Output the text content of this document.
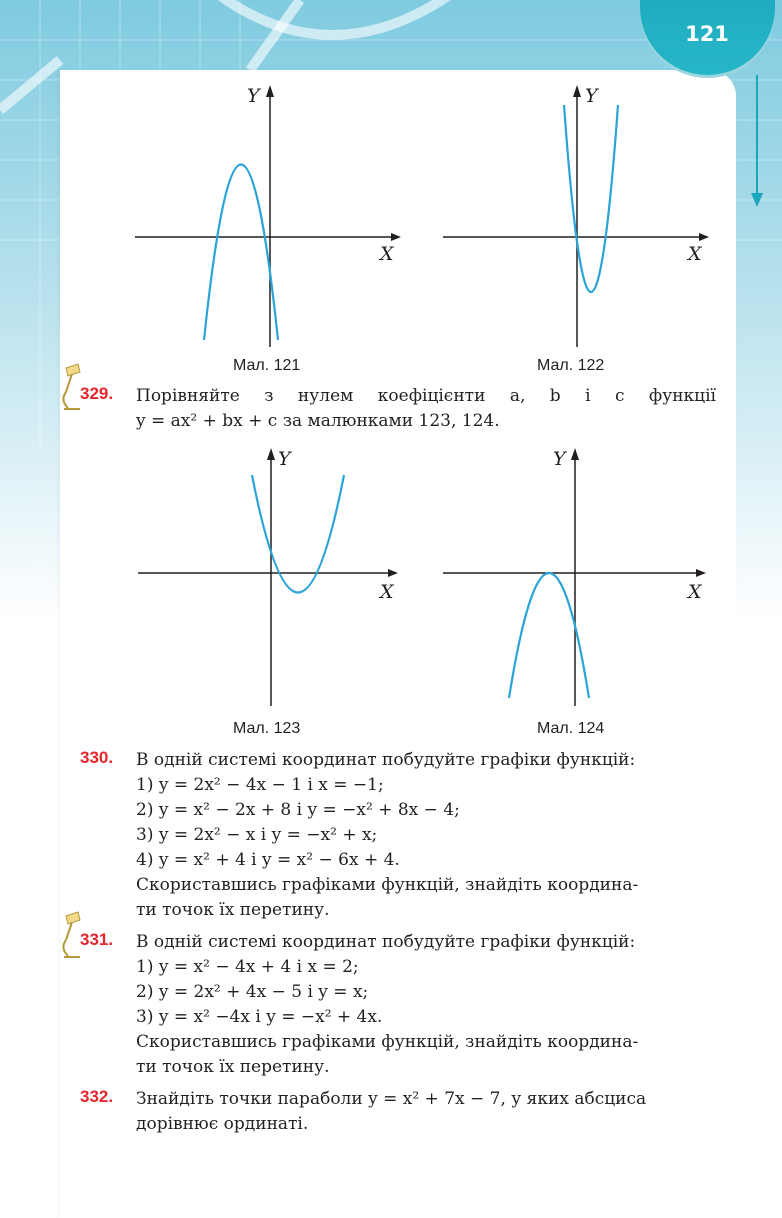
121
Y
X
Мал. 121
Y
X
Мал. 122
329.	Порівняйте з нулем коефіцієнти a, b і c функції
y = ax² + bx + c за малюнками 123, 124.
Y
X
Мал. 123
Y
X
Мал. 124
330.	В одній системі координат побудуйте графіки функцій:
1) y = 2x² − 4x − 1 і x = −1;
2) y = x² − 2x + 8 і y = −x² + 8x − 4;
3) y = 2x² − x і y = −x² + x;
4) y = x² + 4 і y = x² − 6x + 4.
Скориставшись графіками функцій, знайдіть координа-
ти точок їх перетину.
331.	В одній системі координат побудуйте графіки функцій:
1) y = x² − 4x + 4 і x = 2;
2) y = 2x² + 4x − 5 і y = x;
3) y = x² −4x і y = −x² + 4x.
Скориставшись графіками функцій, знайдіть координа-
ти точок їх перетину.
332.	Знайдіть точки параболи y = x² + 7x − 7, у яких абсциса
дорівнює ординаті.
